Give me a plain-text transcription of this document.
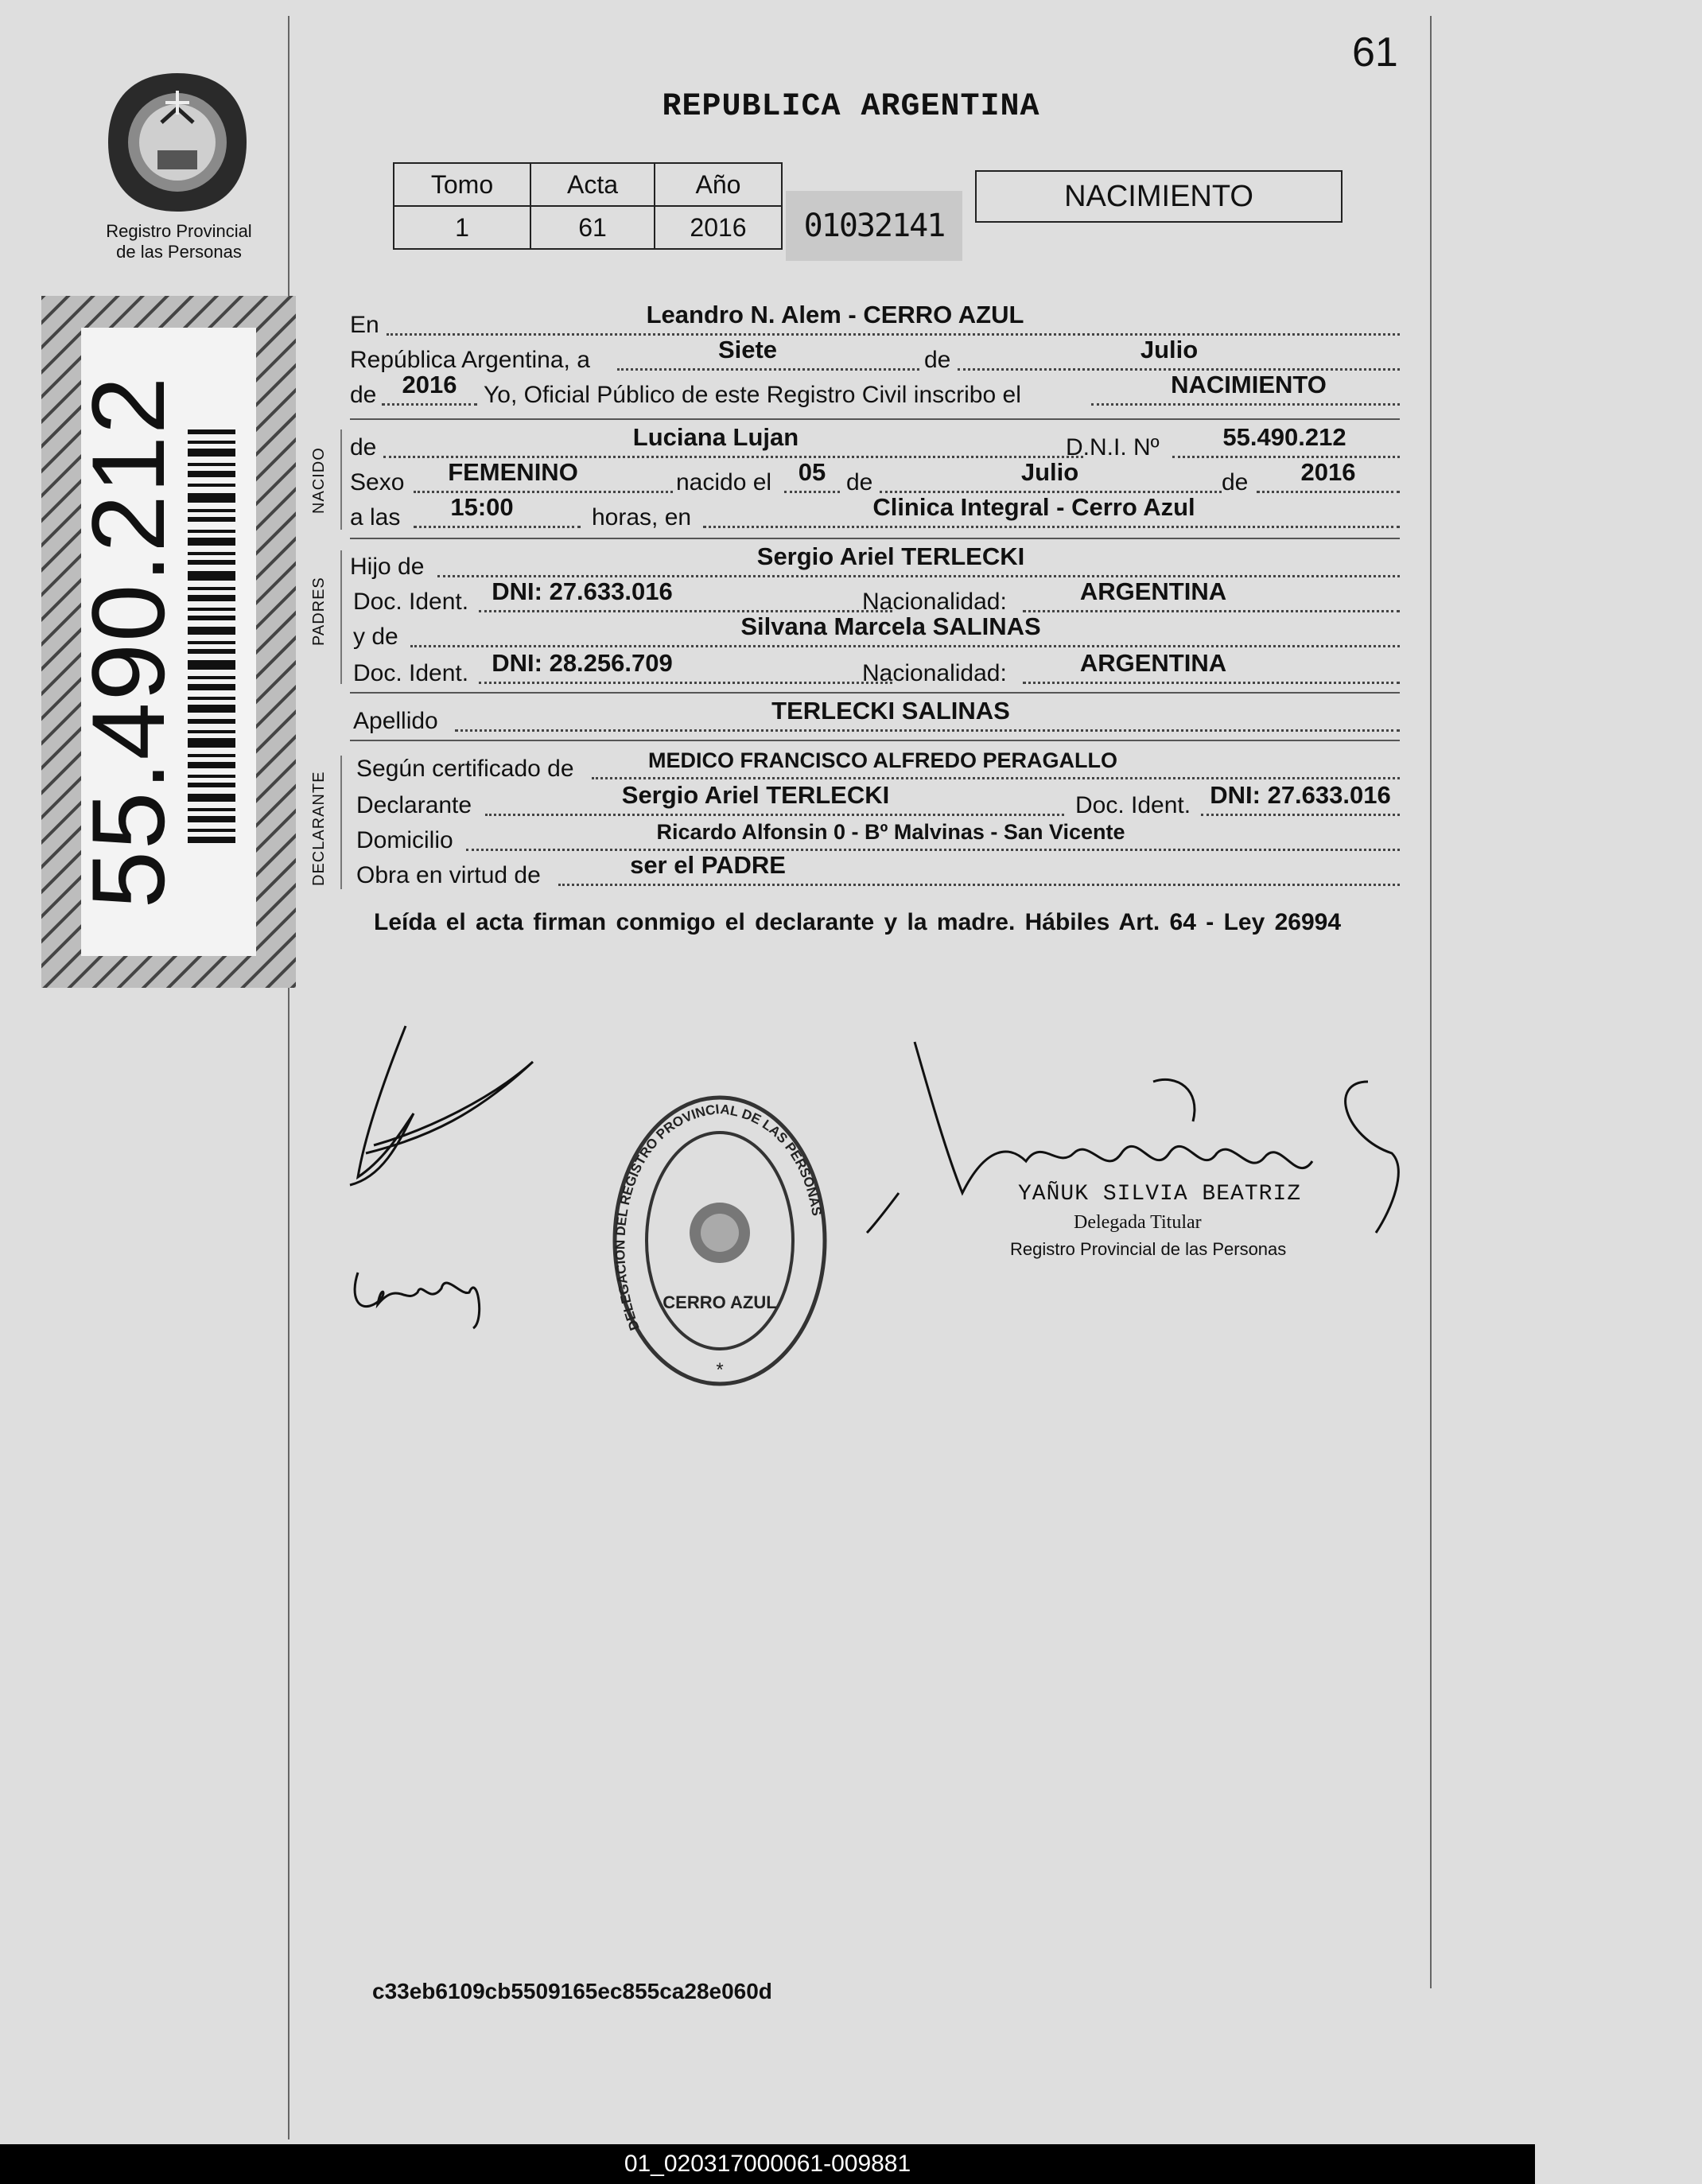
61
REPUBLICA ARGENTINA
Registro Provincial
de las Personas
55.490.212
Tomo	Acta	Año
1	61	2016	01032141
NACIMIENTO
NACIDO
PADRES
DECLARANTE
En	Leandro N. Alem - CERRO AZUL
República Argentina, a	Siete	de	Julio
de	2016	Yo, Oficial Público de este Registro Civil inscribo el	NACIMIENTO
de	Luciana Lujan	D.N.I. Nº	55.490.212
Sexo	FEMENINO	nacido el	05 de	Julio	de	2016
a las	15:00	horas, en	Clinica Integral - Cerro Azul
Hijo de	Sergio Ariel TERLECKI
Doc. Ident. DNI: 27.633.016	Nacionalidad:	ARGENTINA
y de	Silvana Marcela SALINAS
Doc. Ident. DNI: 28.256.709	Nacionalidad:	ARGENTINA
Apellido	TERLECKI SALINAS
Según certificado de	MEDICO FRANCISCO ALFREDO PERAGALLO
Declarante	Sergio Ariel TERLECKI	Doc. Ident. DNI: 27.633.016
Domicilio	Ricardo Alfonsin 0 - Bº Malvinas - San Vicente
Obra en virtud de	ser el PADRE
Leída el acta firman conmigo el declarante y la madre. Hábiles Art. 64 - Ley 26994
DELEGACION DEL REGISTRO PROVINCIAL DE LAS PERSONAS
CERRO AZUL
*
YAÑUK SILVIA BEATRIZ
Delegada Titular
Registro Provincial de las Personas
c33eb6109cb5509165ec855ca28e060d
01_020317000061-009881
